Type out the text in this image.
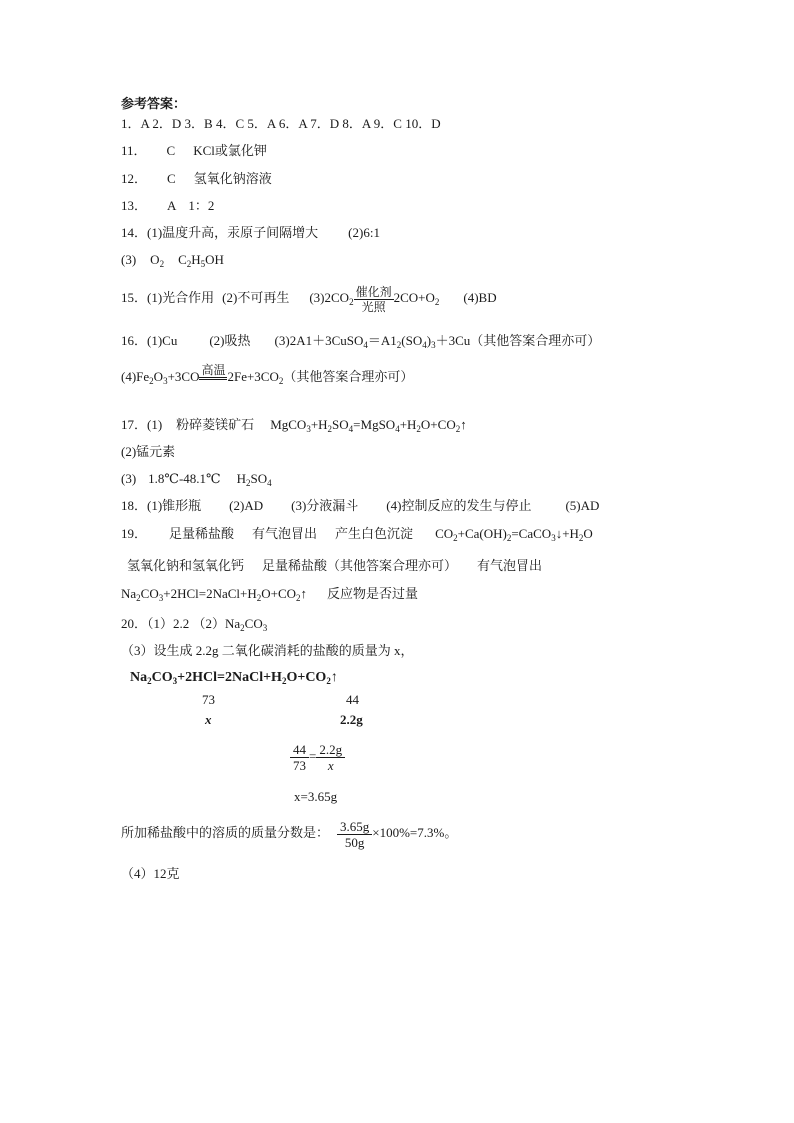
参考答案：
1．A 2．D 3．B 4．C 5．A 6．A 7．D 8．A 9．C 10．D
11． C KCl或氯化钾
12． C 氢氧化钠溶液
13． A 1：2
14．(1)温度升高，汞原子间隔增大 (2)6:1
(3) $O_2$ $C_2H_5OH$
15．(1)光合作用 (2)不可再生 $(3)2CO_2$
催化剂
光照
$2CO+O_2$ (4)BD
16．(1)Cu (2)吸热 $(3)2A1+3CuSO_4=A1_2(SO_4)_3+3Cu$（其他答案合理亦可）
$(4)Fe_2O_3+3CO$ 高温
$2Fe+3CO_2$（其他答案合理亦可）
17．(1) 粉碎菱镁矿石 $MgCO_3+H_2SO_4=MgSO_4+H_2O+CO_2↑$
(2)锰元素
(3) 1.8℃-48.1℃ $H_2SO_4$
18．(1)锥形瓶 (2)AD (3)分液漏斗 (4)控制反应的发生与停止	(5)AD
19． 足量稀盐酸 有气泡冒出 产生白色沉淀 $CO_2+Ca(OH)_2=CaCO_3↓+H_2O$
氢氧化钠和氢氧化钙 足量稀盐酸（其他答案合理亦可） 有气泡冒出
$Na_2CO_3+2HCl=2NaCl+H_2O+CO_2↑$ 反应物是否过量
20．（1）2.2 $(2)Na_2CO_3$
（3）设生成 2.2g 二氧化碳消耗的盐酸的质量为 x，
$Na_2CO_3+2HCl=2NaCl+H_2O+CO_2↑$
73	44
x	2.2g
$\frac{44}{73} = \frac{2.2g}{x}$
x=3.65g
所加稀盐酸中的溶质的质量分数是： $\frac{3.65g}{50g} \times 100\%=7.3\%$。
（4）12克
